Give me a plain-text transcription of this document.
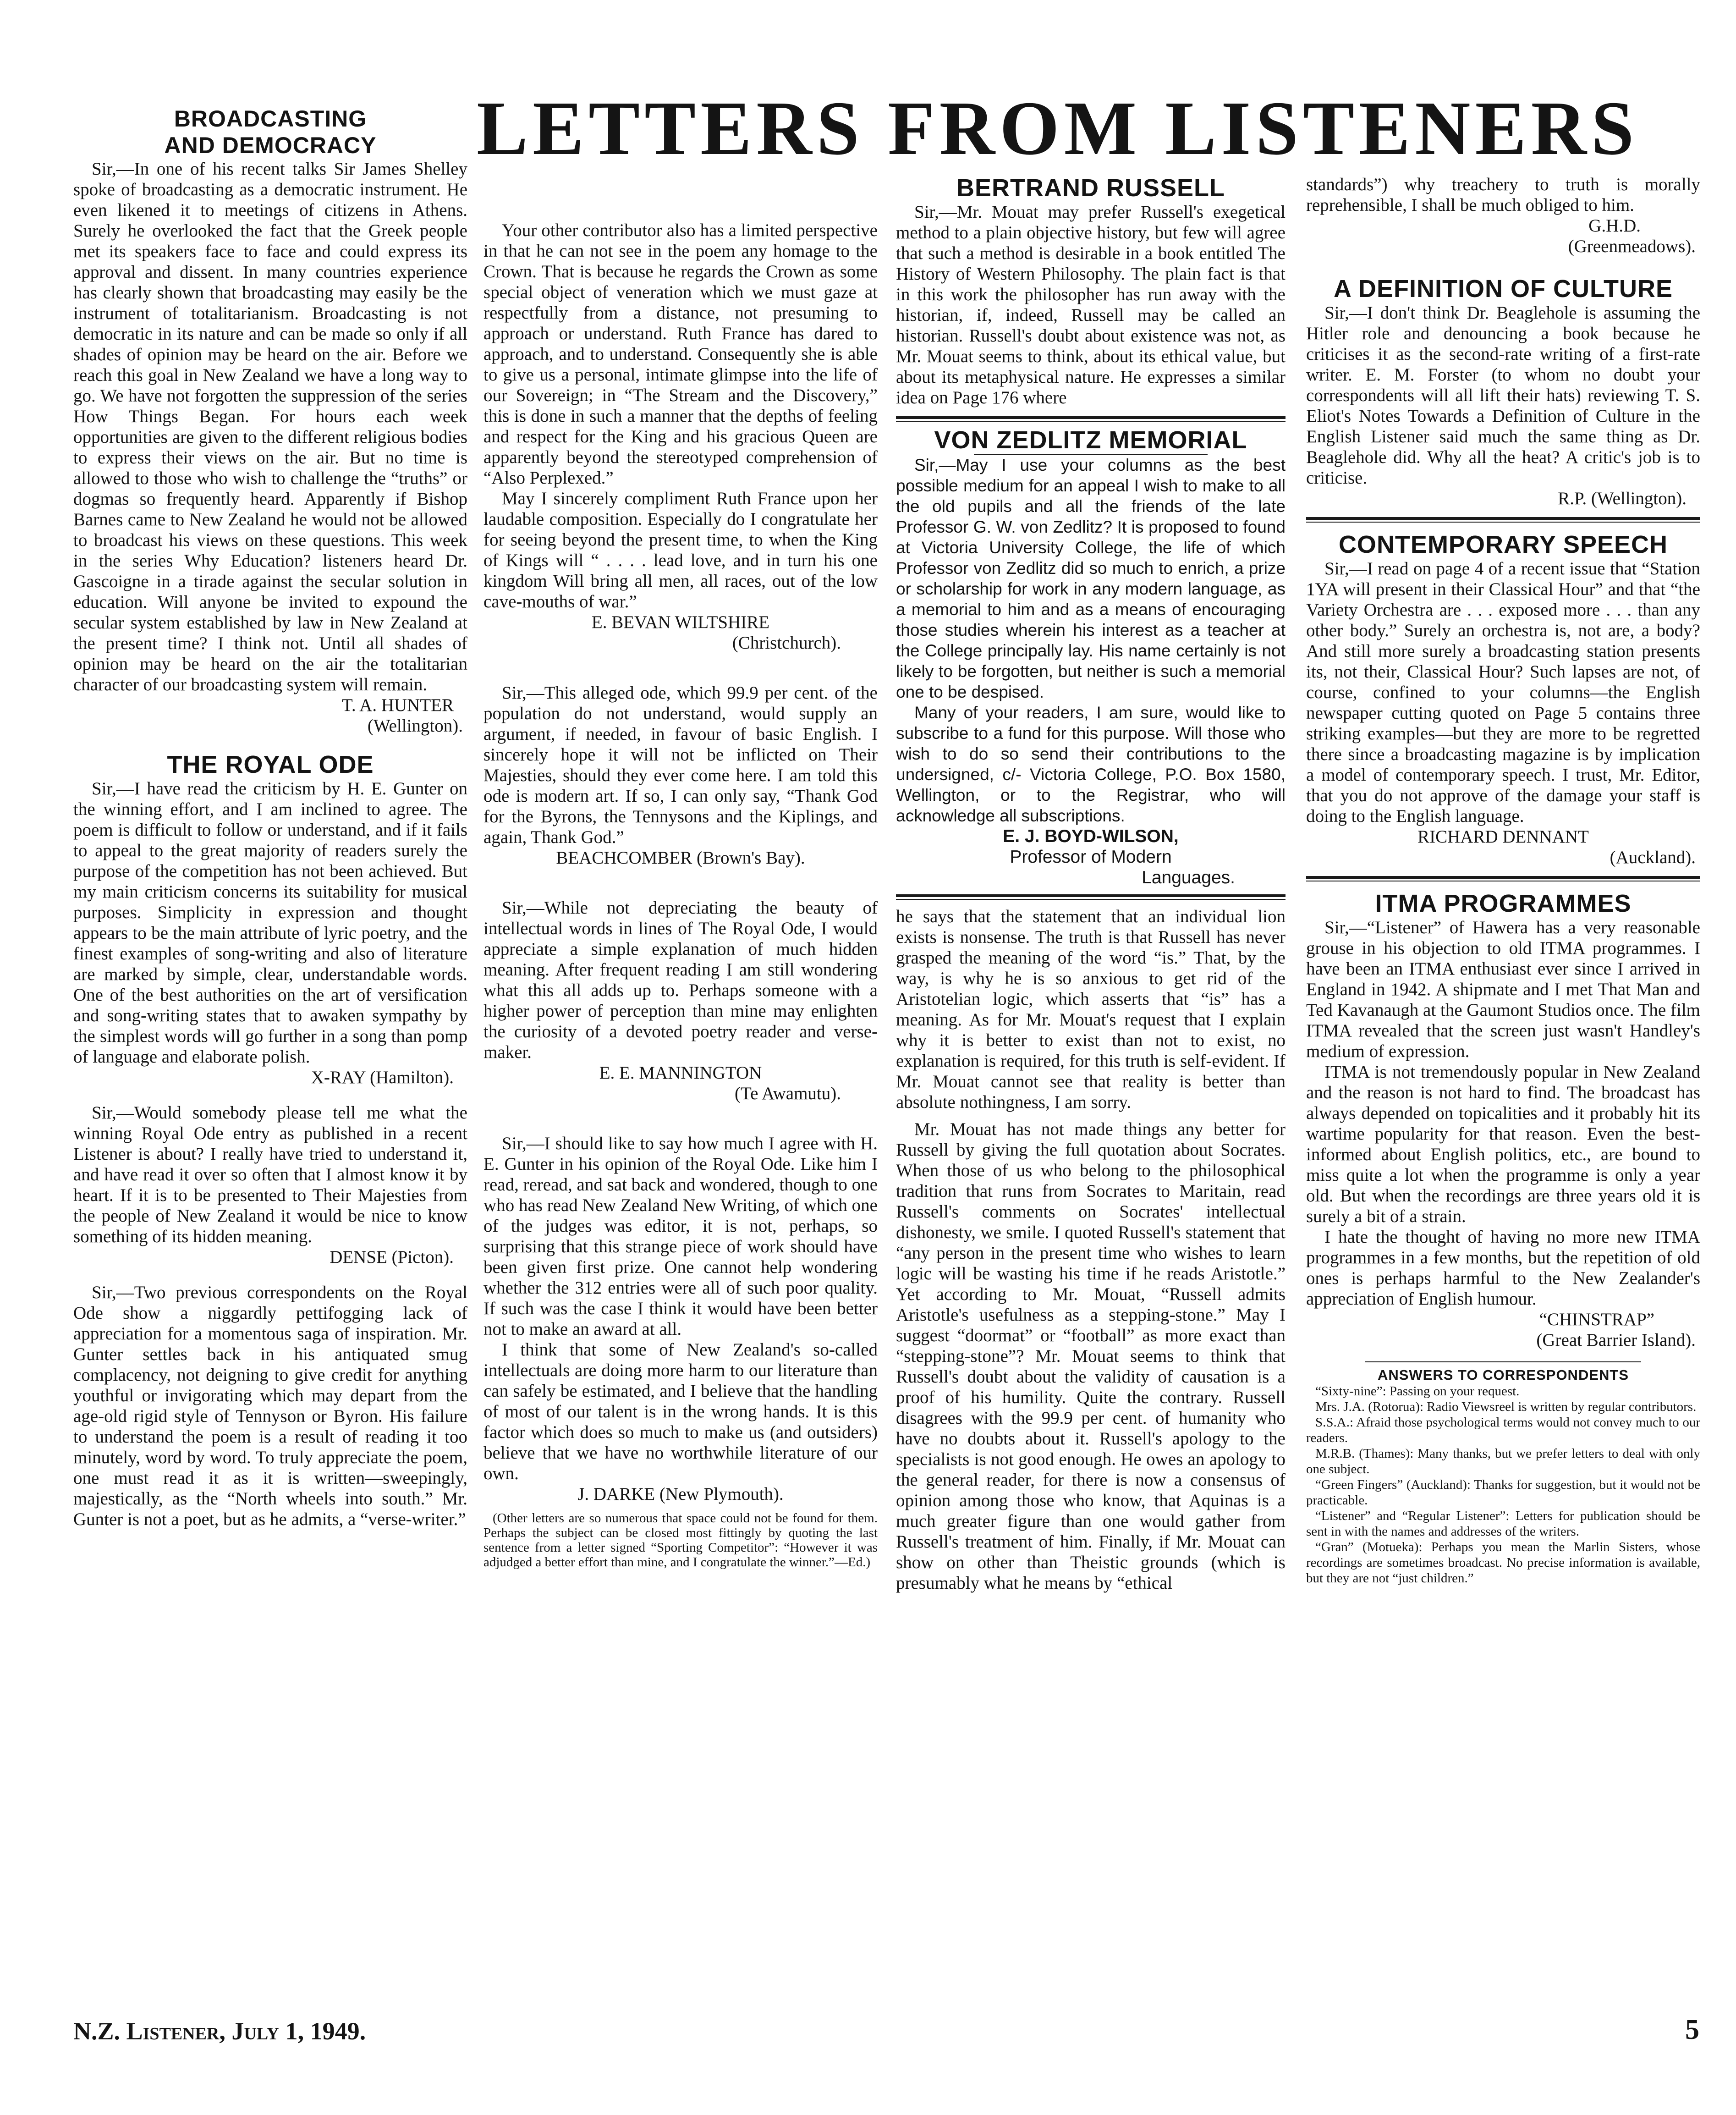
LETTERS FROM LISTENERS
BROADCASTING AND DEMOCRACY

Sir,—In one of his recent talks Sir James Shelley spoke of broadcasting as a democratic instrument. He even likened it to meetings of citizens in Athens. Surely he overlooked the fact that the Greek people met its speakers face to face and could express its approval and dissent. In many countries experience has clearly shown that broadcasting may easily be the instrument of totalitarianism. Broadcasting is not democratic in its nature and can be made so only if all shades of opinion may be heard on the air. Before we reach this goal in New Zealand we have a long way to go. We have not forgotten the suppression of the series How Things Began. For hours each week opportunities are given to the different religious bodies to express their views on the air. But no time is allowed to those who wish to challenge the “truths” or dogmas so frequently heard. Apparently if Bishop Barnes came to New Zealand he would not be allowed to broadcast his views on these questions. This week in the series Why Education? listeners heard Dr. Gascoigne in a tirade against the secular solution in education. Will anyone be invited to expound the secular system established by law in New Zealand at the present time? I think not. Until all shades of opinion may be heard on the air the totalitarian character of our broadcasting system will remain.

T. A. HUNTER
(Wellington).
THE ROYAL ODE

Sir,—I have read the criticism by H. E. Gunter on the winning effort, and I am inclined to agree. The poem is difficult to follow or understand, and if it fails to appeal to the great majority of readers surely the purpose of the competition has not been achieved. But my main criticism concerns its suitability for musical purposes. Simplicity in expression and thought appears to be the main attribute of lyric poetry, and the finest examples of song-writing and also of literature are marked by simple, clear, understandable words. One of the best authorities on the art of versification and song-writing states that to awaken sympathy by the simplest words will go further in a song than pomp of language and elaborate polish.

X-RAY (Hamilton).

Sir,—Would somebody please tell me what the winning Royal Ode entry as published in a recent Listener is about? I really have tried to understand it, and have read it over so often that I almost know it by heart. If it is to be presented to Their Majesties from the people of New Zealand it would be nice to know something of its hidden meaning.

DENSE (Picton).

Sir,—Two previous correspondents on the Royal Ode show a niggardly pettifogging lack of appreciation for a momentous saga of inspiration. Mr. Gunter settles back in his antiquated smug complacency, not deigning to give credit for anything youthful or invigorating which may depart from the age-old rigid style of Tennyson or Byron. His failure to understand the poem is a result of reading it too minutely, word by word. To truly appreciate the poem, one must read it as it is written—sweepingly, majestically, as the “North wheels into south.” Mr. Gunter is not a poet, but as he admits, a “verse-writer.”

Your other contributor also has a limited perspective in that he can not see in the poem any homage to the Crown. That is because he regards the Crown as some special object of veneration which we must gaze at respectfully from a distance, not presuming to approach or understand. Ruth France has dared to approach, and to understand. Consequently she is able to give us a personal, intimate glimpse into the life of our Sovereign; in “The Stream and the Discovery,” this is done in such a manner that the depths of feeling and respect for the King and his gracious Queen are apparently beyond the stereotyped comprehension of “Also Perplexed.”

May I sincerely compliment Ruth France upon her laudable composition. Especially do I congratulate her for seeing beyond the present time, to when the King of Kings will “ . . . . lead love, and in turn his one kingdom Will bring all men, all races, out of the low cave-mouths of war.”

E. BEVAN WILTSHIRE
(Christchurch).

Sir,—This alleged ode, which 99.9 per cent. of the population do not understand, would supply an argument, if needed, in favour of basic English. I sincerely hope it will not be inflicted on Their Majesties, should they ever come here. I am told this ode is modern art. If so, I can only say, “Thank God for the Byrons, the Tennysons and the Kiplings, and again, Thank God.”

BEACHCOMBER (Brown's Bay).

Sir,—While not depreciating the beauty of intellectual words in lines of The Royal Ode, I would appreciate a simple explanation of much hidden meaning. After frequent reading I am still wondering what this all adds up to. Perhaps someone with a higher power of perception than mine may enlighten the curiosity of a devoted poetry reader and verse-maker.

E. E. MANNINGTON
(Te Awamutu).

Sir,—I should like to say how much I agree with H. E. Gunter in his opinion of the Royal Ode. Like him I read, reread, and sat back and wondered, though to one who has read New Zealand New Writing, of which one of the judges was editor, it is not, perhaps, so surprising that this strange piece of work should have been given first prize. One cannot help wondering whether the 312 entries were all of such poor quality. If such was the case I think it would have been better not to make an award at all.

I think that some of New Zealand's so-called intellectuals are doing more harm to our literature than can safely be estimated, and I believe that the handling of most of our talent is in the wrong hands. It is this factor which does so much to make us (and outsiders) believe that we have no worthwhile literature of our own.

J. DARKE (New Plymouth).

(Other letters are so numerous that space could not be found for them. Perhaps the subject can be closed most fittingly by quoting the last sentence from a letter signed “Sporting Competitor”: “However it was adjudged a better effort than mine, and I congratulate the winner.”—Ed.)

BERTRAND RUSSELL

Sir,—Mr. Mouat may prefer Russell's exegetical method to a plain objective history, but few will agree that such a method is desirable in a book entitled The History of Western Philosophy. The plain fact is that in this work the philosopher has run away with the historian, if, indeed, Russell may be called an historian. Russell's doubt about existence was not, as Mr. Mouat seems to think, about its ethical value, but about its metaphysical nature. He expresses a similar idea on Page 176 where

VON ZEDLITZ MEMORIAL

Sir,—May I use your columns as the best possible medium for an appeal I wish to make to all the old pupils and all the friends of the late Professor G. W. von Zedlitz? It is proposed to found at Victoria University College, the life of which Professor von Zedlitz did so much to enrich, a prize or scholarship for work in any modern language, as a memorial to him and as a means of encouraging those studies wherein his interest as a teacher at the College principally lay. His name certainly is not likely to be forgotten, but neither is such a memorial one to be despised.

Many of your readers, I am sure, would like to subscribe to a fund for this purpose. Will those who wish to do so send their contributions to the undersigned, c/- Victoria College, P.O. Box 1580, Wellington, or to the Registrar, who will acknowledge all subscriptions.

E. J. BOYD-WILSON,
Professor of Modern
Languages.

he says that the statement that an individual lion exists is nonsense. The truth is that Russell has never grasped the meaning of the word “is.” That, by the way, is why he is so anxious to get rid of the Aristotelian logic, which asserts that “is” has a meaning. As for Mr. Mouat's request that I explain why it is better to exist than not to exist, no explanation is required, for this truth is self-evident. If Mr. Mouat cannot see that reality is better than absolute nothingness, I am sorry.

Mr. Mouat has not made things any better for Russell by giving the full quotation about Socrates. When those of us who belong to the philosophical tradition that runs from Socrates to Maritain, read Russell's comments on Socrates' intellectual dishonesty, we smile. I quoted Russell's statement that “any person in the present time who wishes to learn logic will be wasting his time if he reads Aristotle.” Yet according to Mr. Mouat, “Russell admits Aristotle's usefulness as a stepping-stone.” May I suggest “doormat” or “football” as more exact than “stepping-stone”? Mr. Mouat seems to think that Russell's doubt about the validity of causation is a proof of his humility. Quite the contrary. Russell disagrees with the 99.9 per cent. of humanity who have no doubts about it. Russell's apology to the specialists is not good enough. He owes an apology to the general reader, for there is now a consensus of opinion among those who know, that Aquinas is a much greater figure than one would gather from Russell's treatment of him. Finally, if Mr. Mouat can show on other than Theistic grounds (which is presumably what he means by “ethical

standards”) why treachery to truth is morally reprehensible, I shall be much obliged to him.

G.H.D.
(Greenmeadows).
A DEFINITION OF CULTURE

Sir,—I don't think Dr. Beaglehole is assuming the Hitler role and denouncing a book because he criticises it as the second-rate writing of a first-rate writer. E. M. Forster (to whom no doubt your correspondents will all lift their hats) reviewing T. S. Eliot's Notes Towards a Definition of Culture in the English Listener said much the same thing as Dr. Beaglehole did. Why all the heat? A critic's job is to criticise.

R.P. (Wellington).
CONTEMPORARY SPEECH

Sir,—I read on page 4 of a recent issue that “Station 1YA will present in their Classical Hour” and that “the Variety Orchestra are . . . exposed more . . . than any other body.” Surely an orchestra is, not are, a body? And still more surely a broadcasting station presents its, not their, Classical Hour? Such lapses are not, of course, confined to your columns—the English newspaper cutting quoted on Page 5 contains three striking examples—but they are more to be regretted there since a broadcasting magazine is by implication a model of contemporary speech. I trust, Mr. Editor, that you do not approve of the damage your staff is doing to the English language.

RICHARD DENNANT
(Auckland).
ITMA PROGRAMMES

Sir,—“Listener” of Hawera has a very reasonable grouse in his objection to old ITMA programmes. I have been an ITMA enthusiast ever since I arrived in England in 1942. A shipmate and I met That Man and Ted Kavanaugh at the Gaumont Studios once. The film ITMA revealed that the screen just wasn't Handley's medium of expression.

ITMA is not tremendously popular in New Zealand and the reason is not hard to find. The broadcast has always depended on topicalities and it probably hit its wartime popularity for that reason. Even the best-informed about English politics, etc., are bound to miss quite a lot when the programme is only a year old. But when the recordings are three years old it is surely a bit of a strain.

I hate the thought of having no more new ITMA programmes in a few months, but the repetition of old ones is perhaps harmful to the New Zealander's appreciation of English humour.

“CHINSTRAP”
(Great Barrier Island).
ANSWERS TO CORRESPONDENTS

“Sixty-nine”: Passing on your request.

Mrs. J.A. (Rotorua): Radio Viewsreel is written by regular contributors.

S.S.A.: Afraid those psychological terms would not convey much to our readers.

M.R.B. (Thames): Many thanks, but we prefer letters to deal with only one subject.

“Green Fingers” (Auckland): Thanks for suggestion, but it would not be practicable.

“Listener” and “Regular Listener”: Letters for publication should be sent in with the names and addresses of the writers.

“Gran” (Motueka): Perhaps you mean the Marlin Sisters, whose recordings are sometimes broadcast. No precise information is available, but they are not “just children.”

N.Z. Listener, July 1, 1949.	5
